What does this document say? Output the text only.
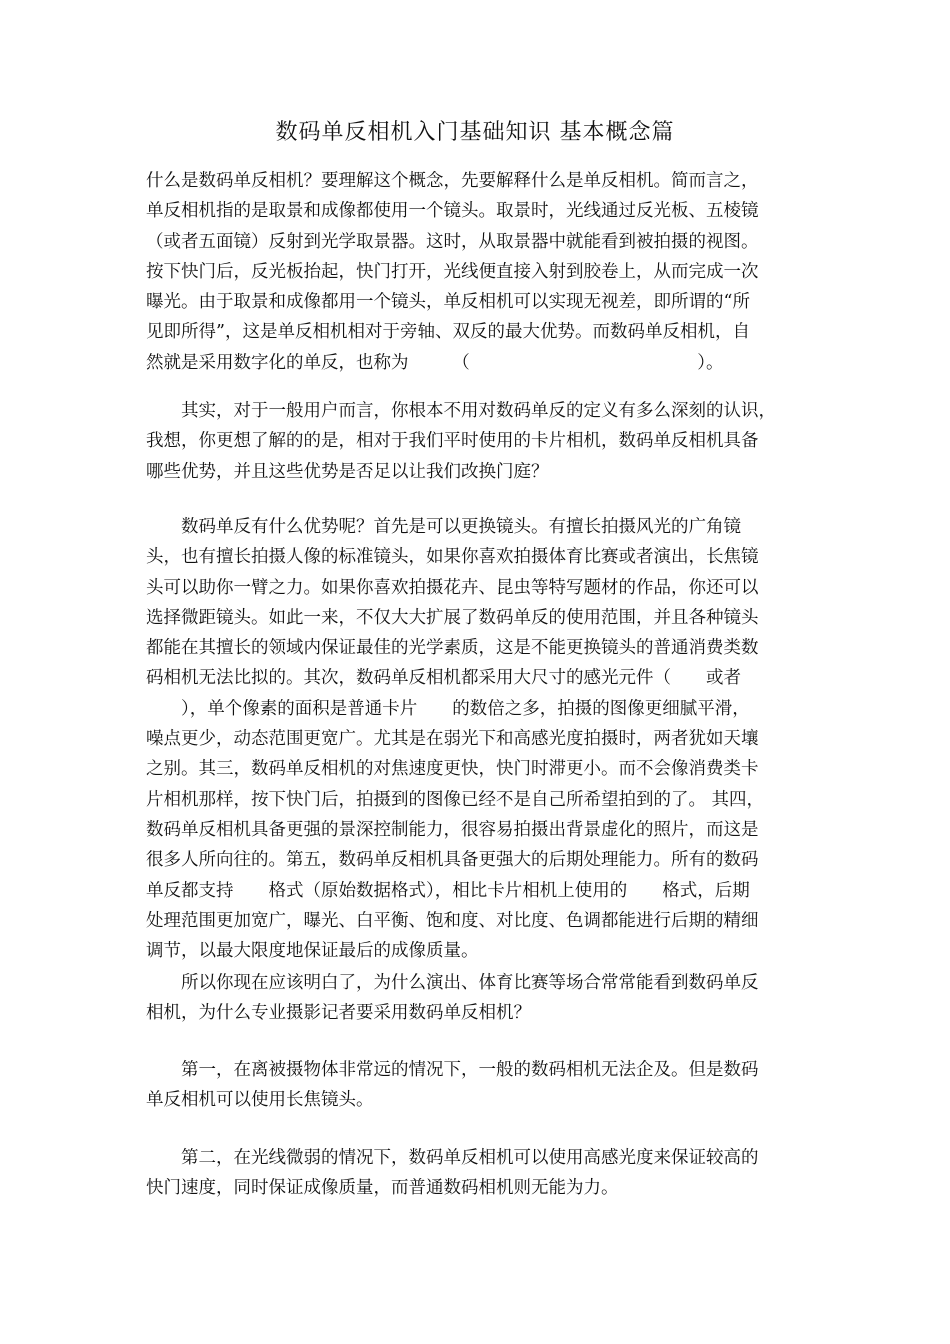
数码单反相机入门基础知识 基本概念篇
什么是数码单反相机？要理解这个概念，先要解释什么是单反相机。简而言之，
单反相机指的是取景和成像都使用一个镜头。取景时，光线通过反光板、五棱镜
（或者五面镜）反射到光学取景器。这时，从取景器中就能看到被拍摄的视图。
按下快门后，反光板抬起，快门打开，光线便直接入射到胶卷上，从而完成一次
曝光。由于取景和成像都用一个镜头，单反相机可以实现无视差，即所谓的“所
见即所得”，这是单反相机相对于旁轴、双反的最大优势。而数码单反相机，自
然就是采用数字化的单反，也称为　　　（　　　　　　　　　　　　　）。
　　其实，对于一般用户而言，你根本不用对数码单反的定义有多么深刻的认识，
我想，你更想了解的的是，相对于我们平时使用的卡片相机，数码单反相机具备
哪些优势，并且这些优势是否足以让我们改换门庭？
　　数码单反有什么优势呢？首先是可以更换镜头。有擅长拍摄风光的广角镜
头，也有擅长拍摄人像的标准镜头，如果你喜欢拍摄体育比赛或者演出，长焦镜
头可以助你一臂之力。如果你喜欢拍摄花卉、昆虫等特写题材的作品，你还可以
选择微距镜头。如此一来，不仅大大扩展了数码单反的使用范围，并且各种镜头
都能在其擅长的领域内保证最佳的光学素质，这是不能更换镜头的普通消费类数
码相机无法比拟的。其次，数码单反相机都采用大尺寸的感光元件（　　或者
　　），单个像素的面积是普通卡片　　的数倍之多，拍摄的图像更细腻平滑，
噪点更少，动态范围更宽广。尤其是在弱光下和高感光度拍摄时，两者犹如天壤
之别。其三，数码单反相机的对焦速度更快，快门时滞更小。而不会像消费类卡
片相机那样，按下快门后，拍摄到的图像已经不是自己所希望拍到的了。 其四，
数码单反相机具备更强的景深控制能力，很容易拍摄出背景虚化的照片，而这是
很多人所向往的。第五，数码单反相机具备更强大的后期处理能力。所有的数码
单反都支持　　格式（原始数据格式），相比卡片相机上使用的　　格式，后期
处理范围更加宽广，曝光、白平衡、饱和度、对比度、色调都能进行后期的精细
调节，以最大限度地保证最后的成像质量。
　　所以你现在应该明白了，为什么演出、体育比赛等场合常常能看到数码单反
相机，为什么专业摄影记者要采用数码单反相机？
　　第一，在离被摄物体非常远的情况下，一般的数码相机无法企及。但是数码
单反相机可以使用长焦镜头。
　　第二，在光线微弱的情况下，数码单反相机可以使用高感光度来保证较高的
快门速度，同时保证成像质量，而普通数码相机则无能为力。
